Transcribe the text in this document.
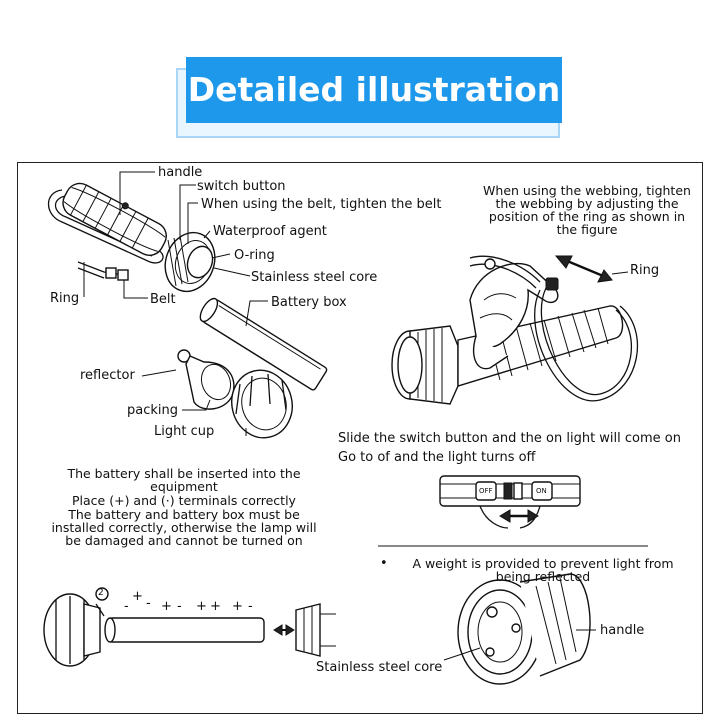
Detailed illustration
handle
switch button
When using the belt, tighten the belt
Waterproof agent
O-ring
Stainless steel core
Ring	Belt	Battery box
reflector
packing
Light cup
When using the webbing, tighten the webbing by adjusting the position of the ring as shown in the figure
Ring
Slide the switch button and the on light will come on
Go to of and the light turns off
OFF	ON
The battery shall be inserted into the equipment
Place (+) and (·) terminals correctly
The battery and battery box must be installed correctly, otherwise the lamp will be damaged and cannot be turned on
2
-
+ - + - + + + -
•	A weight is provided to prevent light from being reflected
handle
Stainless steel core
